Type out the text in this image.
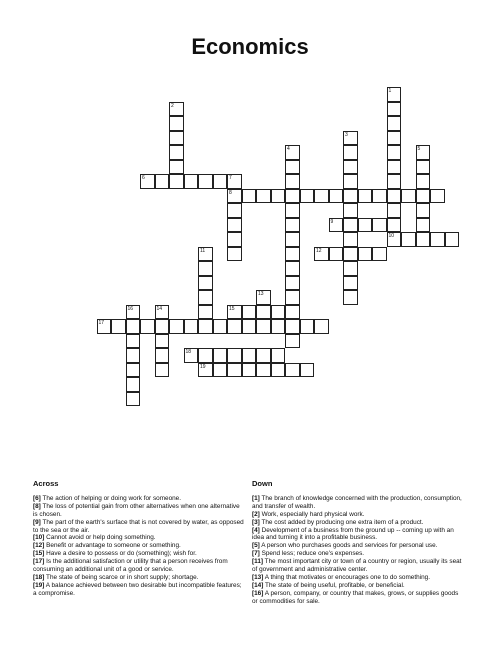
Economics
6	7
8
9
10
12
14	15
17
18
19
1
2
3
4	5
11
13
16
Across

[6] The action of helping or doing work for someone.

[8] The loss of potential gain from other alternatives when one alternative is chosen.

[9] The part of the earth's surface that is not covered by water, as opposed to the sea or the air.

[10] Cannot avoid or help doing something.

[12] Benefit or advantage to someone or something.

[15] Have a desire to possess or do (something); wish for.

[17] Is the additional satisfaction or utility that a person receives from consuming an additional unit of a good or service.

[18] The state of being scarce or in short supply; shortage.

[19] A balance achieved between two desirable but incompatible features; a compromise.

Down

[1] The branch of knowledge concerned with the production, consumption, and transfer of wealth.

[2] Work, especially hard physical work.

[3] The cost added by producing one extra item of a product.

[4] Development of a business from the ground up -- coming up with an idea and turning it into a profitable business.

[5] A person who purchases goods and services for personal use.

[7] Spend less; reduce one's expenses.

[11] The most important city or town of a country or region, usually its seat of government and administrative center.

[13] A thing that motivates or encourages one to do something.

[14] The state of being useful, profitable, or beneficial.

[16] A person, company, or country that makes, grows, or supplies goods or commodities for sale.
